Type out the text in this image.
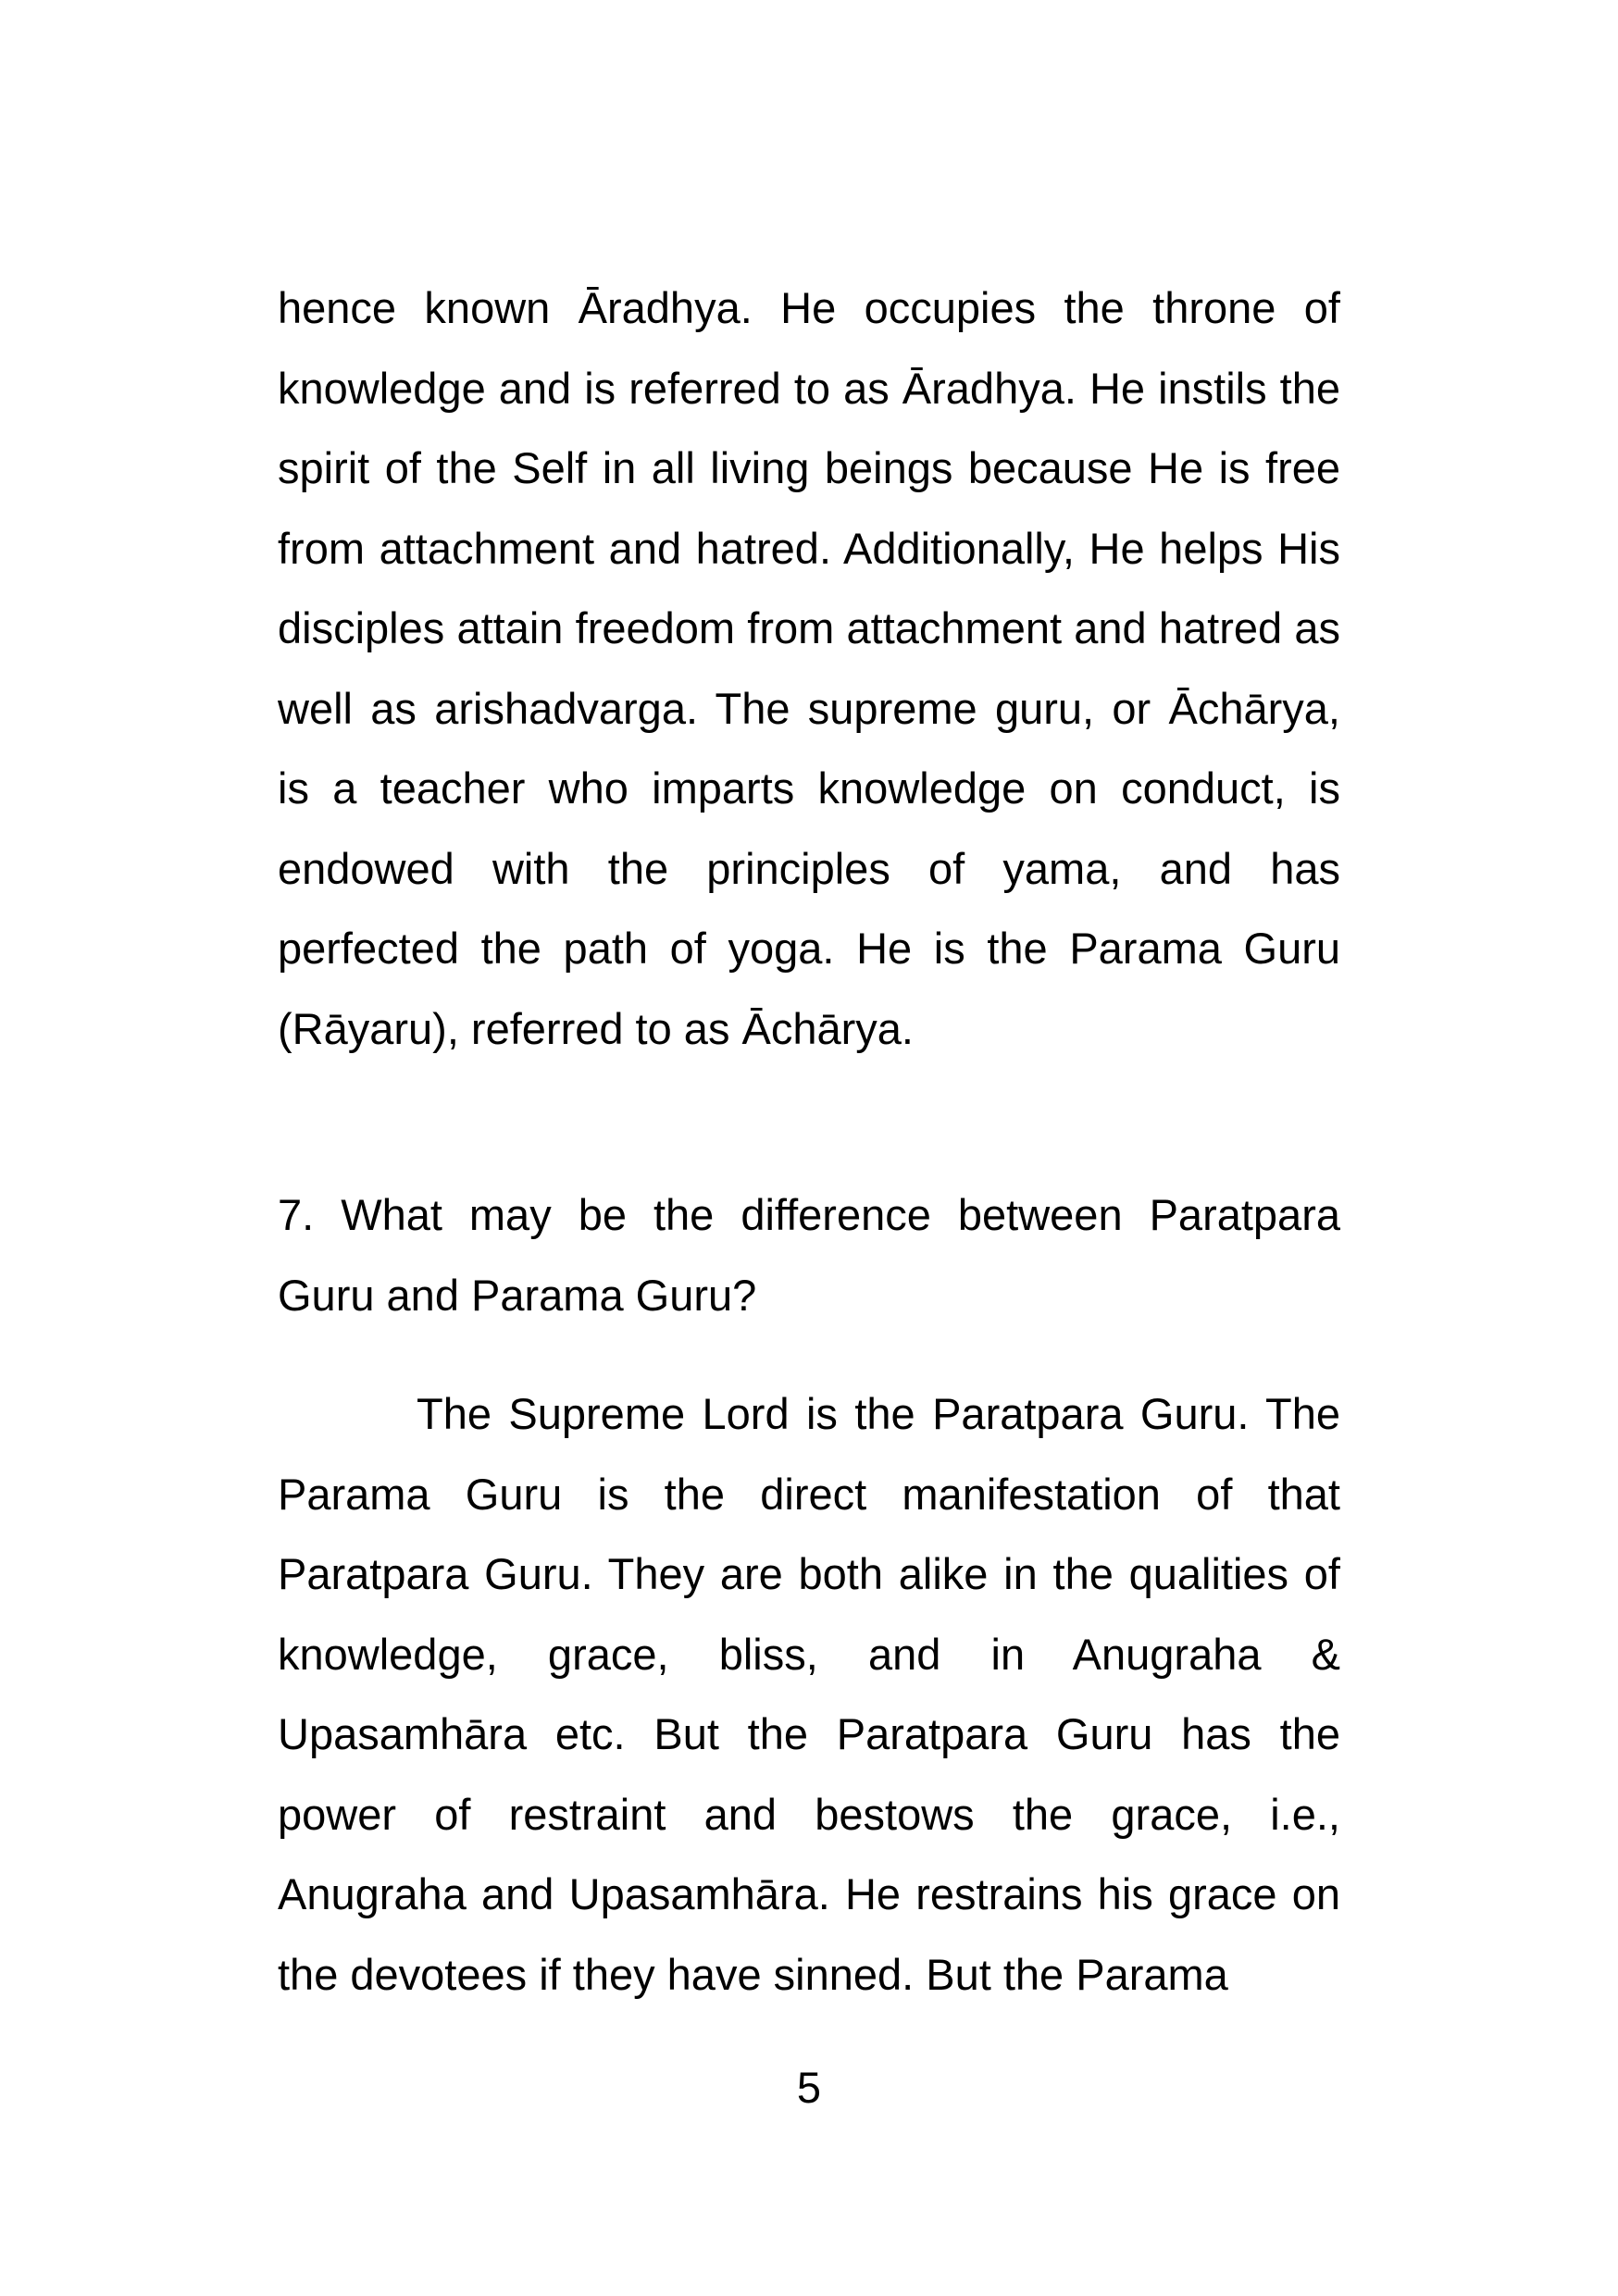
hence known Āradhya. He occupies the throne of knowledge and is referred to as Āradhya. He instils the spirit of the Self in all living beings because He is free from attachment and hatred. Additionally, He helps His disciples attain freedom from attachment and hatred as well as arishadvarga. The supreme guru, or Āchārya, is a teacher who imparts knowledge on conduct, is endowed with the principles of yama, and has perfected the path of yoga. He is the Parama Guru (Rāyaru), referred to as Āchārya.

7. What may be the difference between Paratpara Guru and Parama Guru?

The Supreme Lord is the Paratpara Guru. The Parama Guru is the direct manifestation of that Paratpara Guru. They are both alike in the qualities of knowledge, grace, bliss, and in Anugraha & Upasamhāra etc. But the Paratpara Guru has the power of restraint and bestows the grace, i.e., Anugraha and Upasamhāra. He restrains his grace on the devotees if they have sinned. But the Parama

5
